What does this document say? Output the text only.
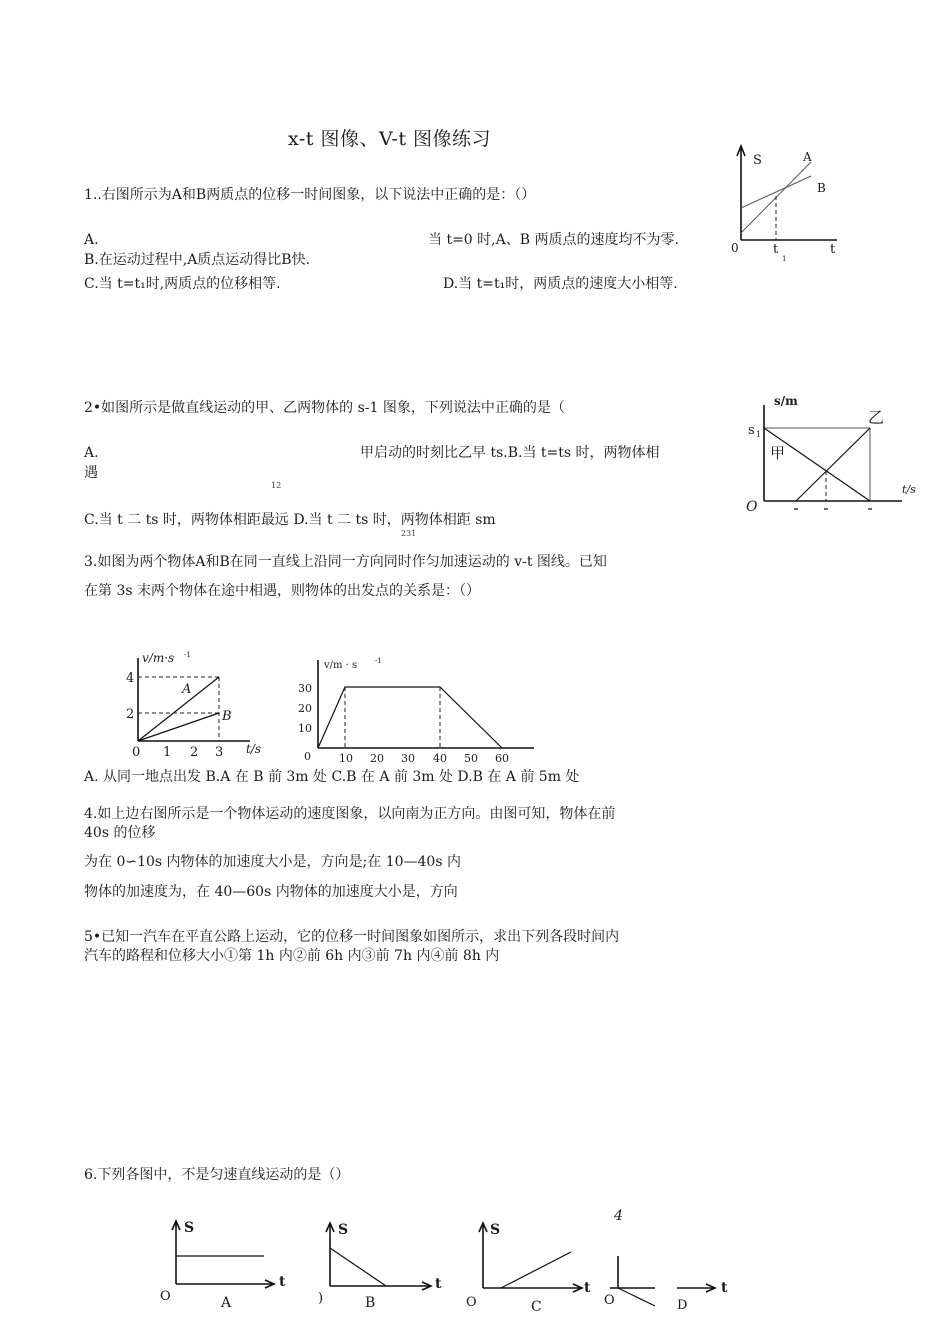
x-t 图像、V-t 图像练习
1..右图所示为A和B两质点的位移一时间图象，以下说法中正确的是：（）
A.	当 t=0 时,A、B 两质点的速度均不为零.
B.在运动过程中,A质点运动得比B快.
C.当 t=t₁时,两质点的位移相等.	D.当 t=t₁时，两质点的速度大小相等.
S	A
B
0	t
1
t
2•如图所示是做直线运动的甲、乙两物体的 s-1 图象，下列说法中正确的是（
A.	甲启动的时刻比乙早 ts.B.当 t=ts 时，两物体相
遇
12
C.当 t 二 ts 时，两物体相距最远 D.当 t 二 ts 时，两物体相距 sm
231
s/m
s 1
甲
乙
O
t/s
3.如图为两个物体A和B在同一直线上沿同一方向同时作匀加速运动的 v-t 图线。已知
在第 3s 末两个物体在途中相遇，则物体的出发点的关系是：（）
v/m·s -1
4
2
0 1 2 3
A
B
t/s
v/m · s	-1
30
20
10
0	10 20 30 40 50 60
A. 从同一地点出发 B.A 在 B 前 3m 处 C.B 在 A 前 3m 处 D.B 在 A 前 5m 处
4.如上边右图所示是一个物体运动的速度图象，以向南为正方向。由图可知，物体在前
40s 的位移
为在 0∽10s 内物体的加速度大小是，方向是;在 10—40s 内
物体的加速度为，在 40—60s 内物体的加速度大小是，方向
5•已知一汽车在平直公路上运动，它的位移一时间图象如图所示，求出下列各段时间内
汽车的路程和位移大小①第 1h 内②前 6h 内③前 7h 内④前 8h 内
6.下列各图中，不是匀速直线运动的是（）
4
S
t
O	A
S
t
)	B
S
t
O	C
t
O	D
